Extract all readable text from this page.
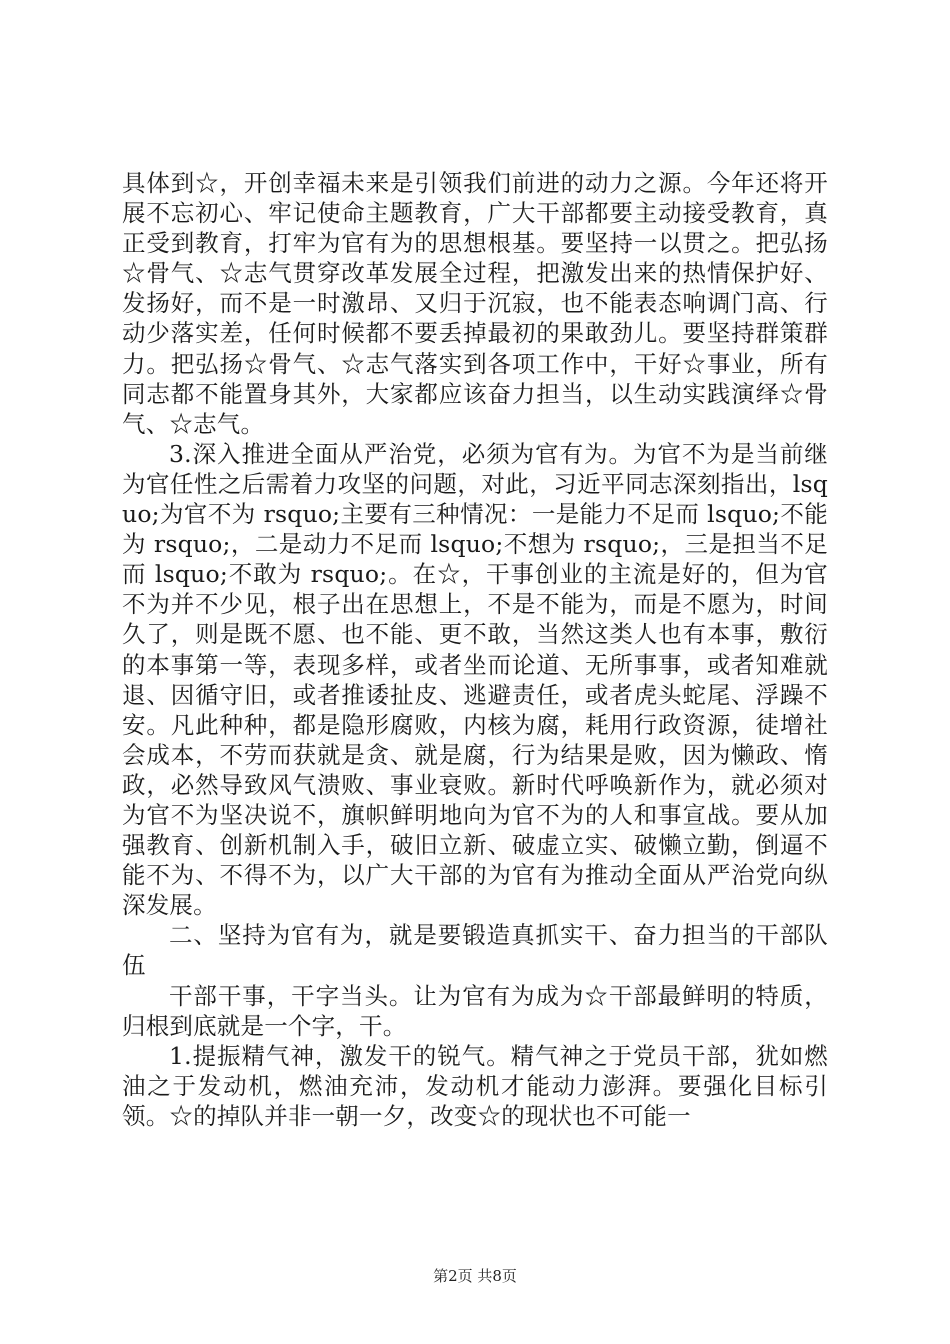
具体到☆，开创幸福未来是引领我们前进的动力之源。今年还将开展不忘初心、牢记使命主题教育，广大干部都要主动接受教育，真正受到教育，打牢为官有为的思想根基。要坚持一以贯之。把弘扬☆骨气、☆志气贯穿改革发展全过程，把激发出来的热情保护好、发扬好，而不是一时激昂、又归于沉寂，也不能表态响调门高、行动少落实差，任何时候都不要丢掉最初的果敢劲儿。要坚持群策群力。把弘扬☆骨气、☆志气落实到各项工作中，干好☆事业，所有同志都不能置身其外，大家都应该奋力担当，以生动实践演绎☆骨气、☆志气。

3.深入推进全面从严治党，必须为官有为。为官不为是当前继为官任性之后需着力攻坚的问题，对此，习近平同志深刻指出，lsquo;为官不为 rsquo;主要有三种情况：一是能力不足而 lsquo;不能为 rsquo;，二是动力不足而 lsquo;不想为 rsquo;，三是担当不足而 lsquo;不敢为 rsquo;。在☆，干事创业的主流是好的，但为官不为并不少见，根子出在思想上，不是不能为，而是不愿为，时间久了，则是既不愿、也不能、更不敢，当然这类人也有本事，敷衍的本事第一等，表现多样，或者坐而论道、无所事事，或者知难就退、因循守旧，或者推诿扯皮、逃避责任，或者虎头蛇尾、浮躁不安。凡此种种，都是隐形腐败，内核为腐，耗用行政资源，徒增社会成本，不劳而获就是贪、就是腐，行为结果是败，因为懒政、惰政，必然导致风气溃败、事业衰败。新时代呼唤新作为，就必须对为官不为坚决说不，旗帜鲜明地向为官不为的人和事宣战。要从加强教育、创新机制入手，破旧立新、破虚立实、破懒立勤，倒逼不能不为、不得不为，以广大干部的为官有为推动全面从严治党向纵深发展。

二、坚持为官有为，就是要锻造真抓实干、奋力担当的干部队伍

干部干事，干字当头。让为官有为成为☆干部最鲜明的特质，归根到底就是一个字，干。

1.提振精气神，激发干的锐气。精气神之于党员干部，犹如燃油之于发动机，燃油充沛，发动机才能动力澎湃。要强化目标引领。☆的掉队并非一朝一夕，改变☆的现状也不可能一

第2页 共8页
